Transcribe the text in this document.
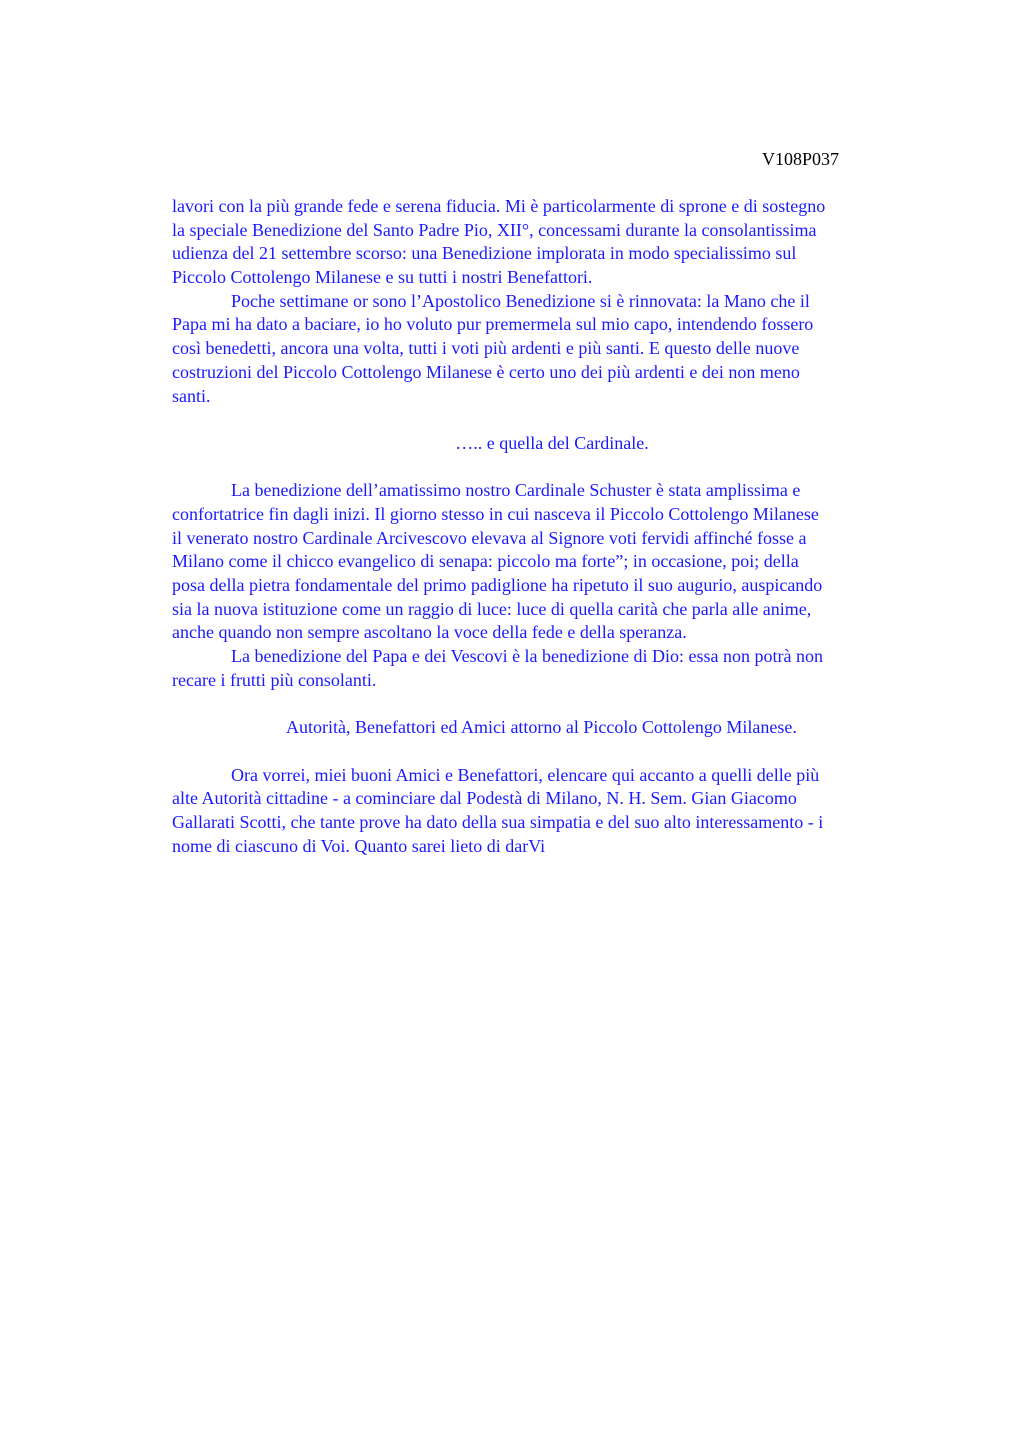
V108P037
lavori con la più grande fede e serena fiducia. Mi è particolarmente di sprone e di sostegno
la speciale Benedizione del Santo Padre Pio, XII°, concessami durante la consolantissima
udienza del 21 settembre scorso: una Benedizione implorata in modo specialissimo sul
Piccolo Cottolengo Milanese e su tutti i nostri Benefattori.
Poche settimane or sono l’Apostolico Benedizione si è rinnovata: la Mano che il
Papa mi ha dato a baciare, io ho voluto pur premermela sul mio capo, intendendo fossero
così benedetti, ancora una volta, tutti i voti più ardenti e più santi. E questo delle nuove
costruzioni del Piccolo Cottolengo Milanese è certo uno dei più ardenti e dei non meno
santi.
….. e quella del Cardinale.
La benedizione dell’amatissimo nostro Cardinale Schuster è stata amplissima e
confortatrice fin dagli inizi. Il giorno stesso in cui nasceva il Piccolo Cottolengo Milanese
il venerato nostro Cardinale Arcivescovo elevava al Signore voti fervidi affinché fosse a
Milano come il chicco evangelico di senapa: piccolo ma forte”; in occasione, poi; della
posa della pietra fondamentale del primo padiglione ha ripetuto il suo augurio, auspicando
sia la nuova istituzione come un raggio di luce: luce di quella carità che parla alle anime,
anche quando non sempre ascoltano la voce della fede e della speranza.
La benedizione del Papa e dei Vescovi è la benedizione di Dio: essa non potrà non
recare i frutti più consolanti.
Autorità, Benefattori ed Amici attorno al Piccolo Cottolengo Milanese.
Ora vorrei, miei buoni Amici e Benefattori, elencare qui accanto a quelli delle più
alte Autorità cittadine - a cominciare dal Podestà di Milano, N. H. Sem. Gian Giacomo
Gallarati Scotti, che tante prove ha dato della sua simpatia e del suo alto interessamento - i
nome di ciascuno di Voi. Quanto sarei lieto di darVi
